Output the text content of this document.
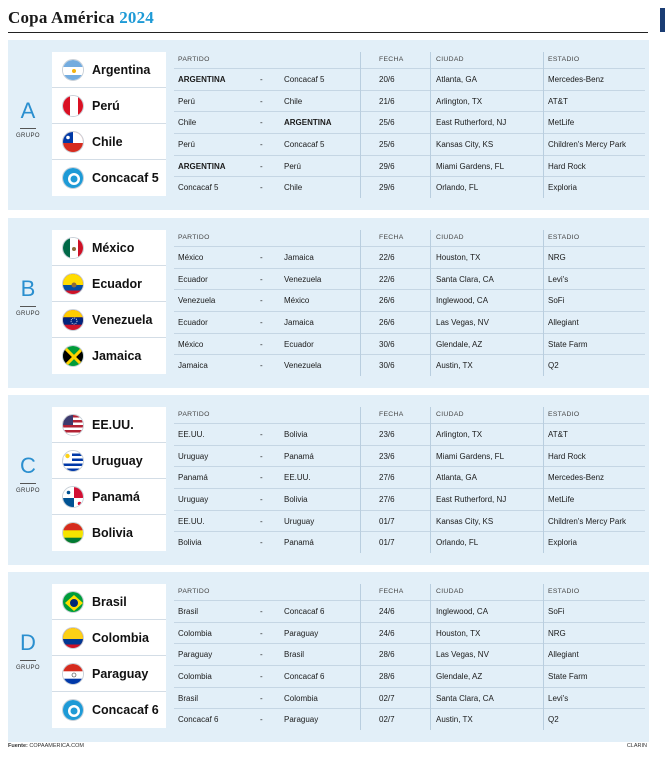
Copa América 2024
A
GRUPO
Argentina
Perú
Chile
Concacaf 5
PARTIDO	FECHA	CIUDAD	ESTADIO
ARGENTINA	-	Concacaf 5	20/6	Atlanta, GA	Mercedes-Benz
Perú	-	Chile	21/6	Arlington, TX	AT&T
Chile	-	ARGENTINA	25/6	East Rutherford, NJ	MetLife
Perú	-	Concacaf 5	25/6	Kansas City, KS	Children's Mercy Park
ARGENTINA	-	Perú	29/6	Miami Gardens, FL	Hard Rock
Concacaf 5	-	Chile	29/6	Orlando, FL	Exploria
B
GRUPO
México
Ecuador
Venezuela
Jamaica
PARTIDO	FECHA	CIUDAD	ESTADIO
México	-	Jamaica	22/6	Houston, TX	NRG
Ecuador	-	Venezuela	22/6	Santa Clara, CA	Levi's
Venezuela	-	México	26/6	Inglewood, CA	SoFi
Ecuador	-	Jamaica	26/6	Las Vegas, NV	Allegiant
México	-	Ecuador	30/6	Glendale, AZ	State Farm
Jamaica	-	Venezuela	30/6	Austin, TX	Q2
C
GRUPO
EE.UU.
Uruguay
Panamá
Bolivia
PARTIDO	FECHA	CIUDAD	ESTADIO
EE.UU.	-	Bolivia	23/6	Arlington, TX	AT&T
Uruguay	-	Panamá	23/6	Miami Gardens, FL	Hard Rock
Panamá	-	EE.UU.	27/6	Atlanta, GA	Mercedes-Benz
Uruguay	-	Bolivia	27/6	East Rutherford, NJ	MetLife
EE.UU.	-	Uruguay	01/7	Kansas City, KS	Children's Mercy Park
Bolivia	-	Panamá	01/7	Orlando, FL	Exploria
D
GRUPO
Brasil
Colombia
Paraguay
Concacaf 6
PARTIDO	FECHA	CIUDAD	ESTADIO
Brasil	-	Concacaf 6	24/6	Inglewood, CA	SoFi
Colombia	-	Paraguay	24/6	Houston, TX	NRG
Paraguay	-	Brasil	28/6	Las Vegas, NV	Allegiant
Colombia	-	Concacaf 6	28/6	Glendale, AZ	State Farm
Brasil	-	Colombia	02/7	Santa Clara, CA	Levi's
Concacaf 6	-	Paraguay	02/7	Austin, TX	Q2
Fuente: COPAAMERICA.COM	CLARIN
